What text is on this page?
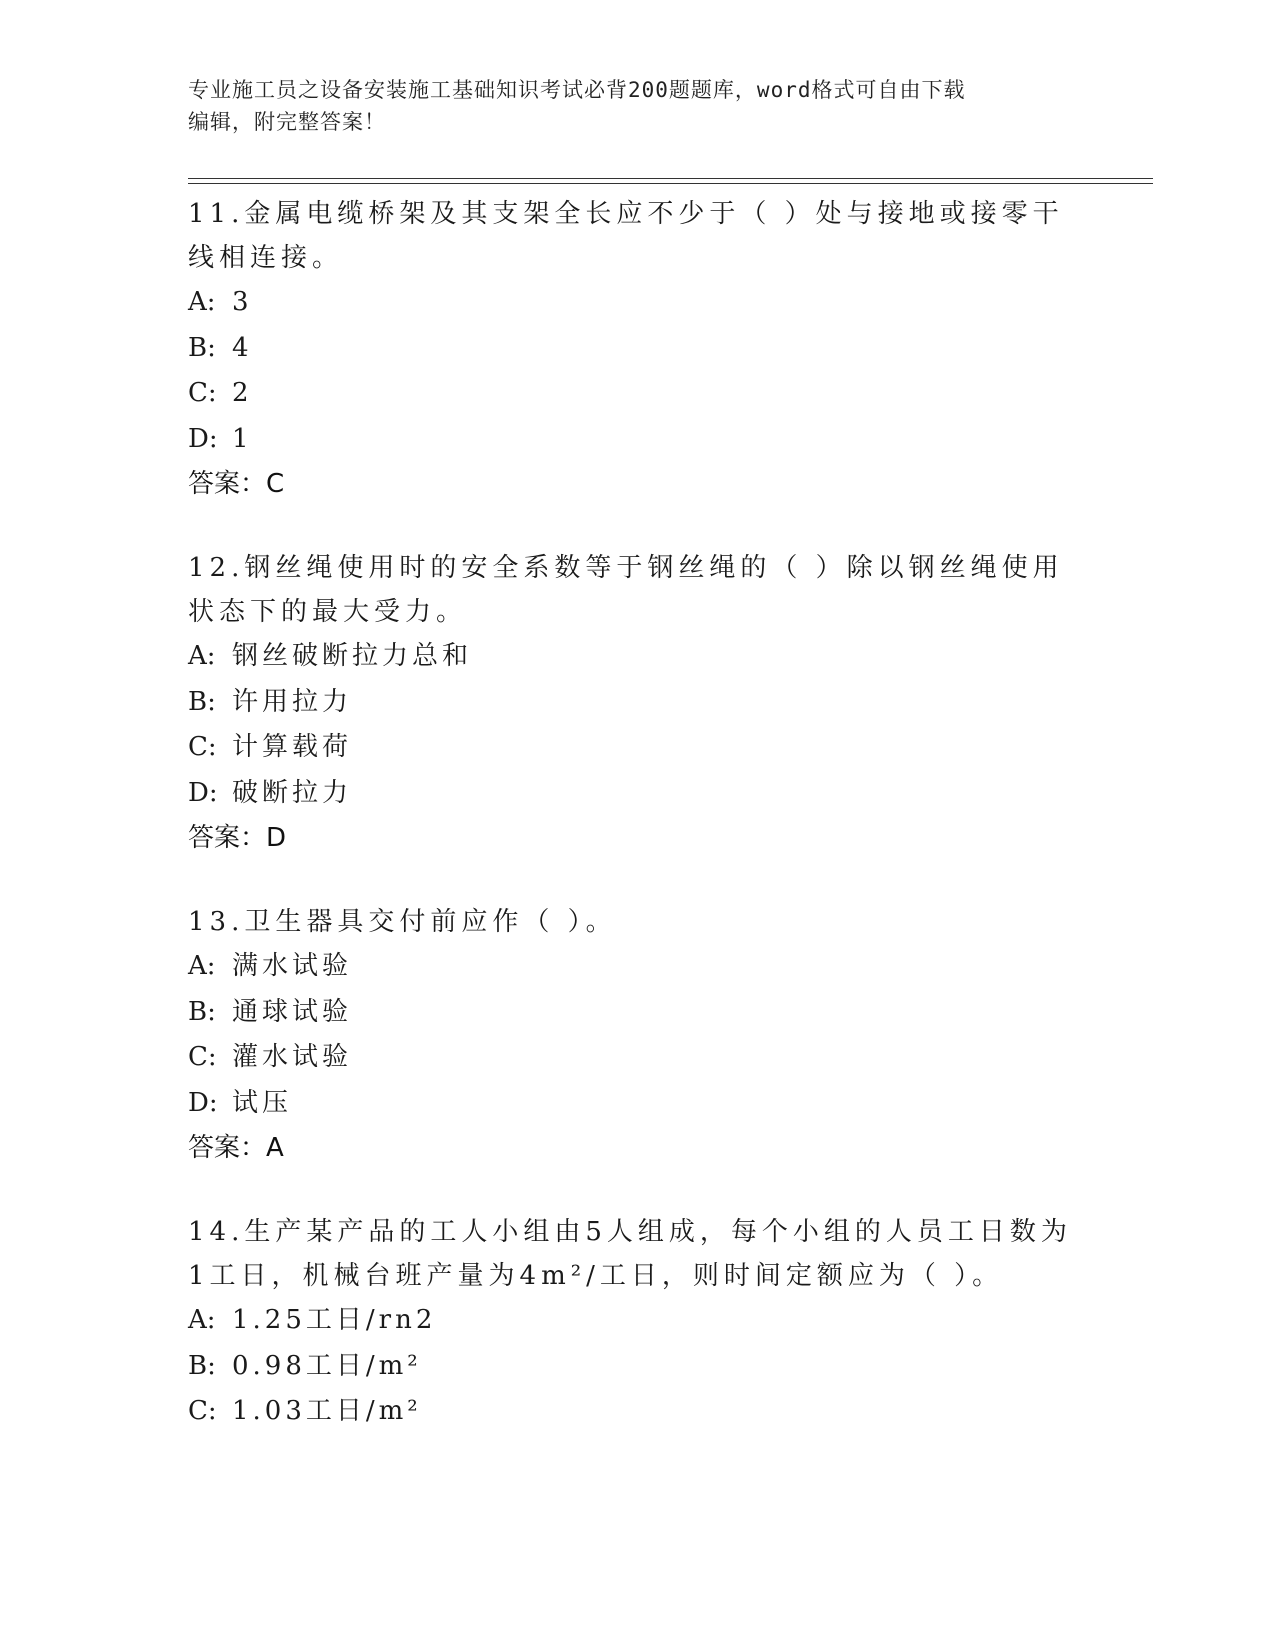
专业施工员之设备安装施工基础知识考试必背200题题库，word格式可自由下载
编辑，附完整答案！

11.金属电缆桥架及其支架全长应不少于（ ）处与接地或接零干线相连接。

A: 3
B: 4
C: 2
D: 1

答案：C

12.钢丝绳使用时的安全系数等于钢丝绳的（ ）除以钢丝绳使用状态下的最大受力。

A: 钢丝破断拉力总和
B: 许用拉力
C: 计算载荷
D: 破断拉力

答案：D

13.卫生器具交付前应作（ ）。

A: 满水试验
B: 通球试验
C: 灌水试验
D: 试压

答案：A

14.生产某产品的工人小组由5人组成，每个小组的人员工日数为1工日，机械台班产量为4m²/工日，则时间定额应为（ ）。

A: 1.25工日/rn2
B: 0.98工日/m²
C: 1.03工日/m²
